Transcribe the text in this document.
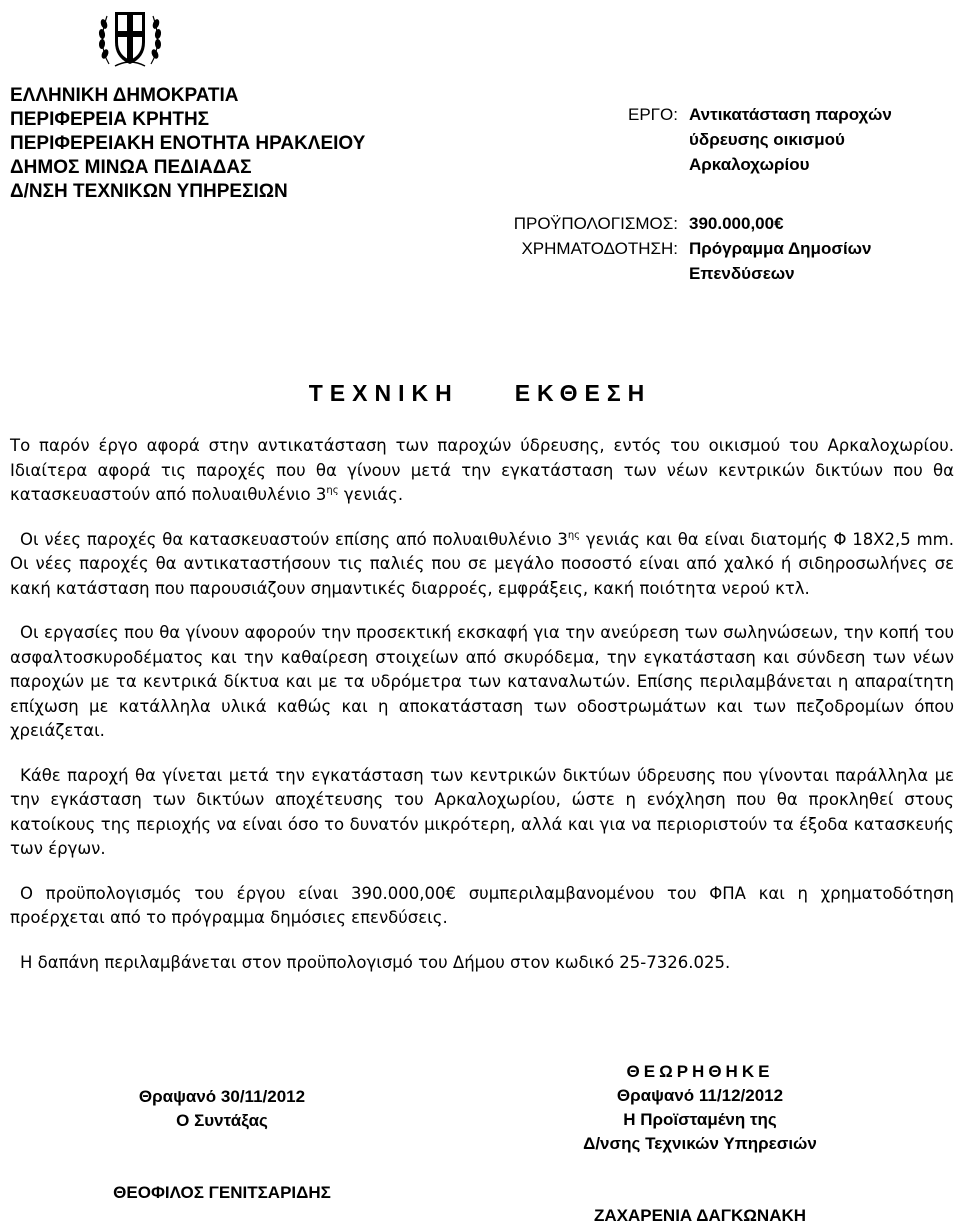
ΕΛΛΗΝΙΚΗ ΔΗΜΟΚΡΑΤΙΑ
ΠΕΡΙΦΕΡΕΙΑ ΚΡΗΤΗΣ
ΠΕΡΙΦΕΡΕΙΑΚΗ ΕΝΟΤΗΤΑ ΗΡΑΚΛΕΙΟΥ
ΔΗΜΟΣ ΜΙΝΩΑ ΠΕΔΙΑΔΑΣ
Δ/ΝΣΗ ΤΕΧΝΙΚΩΝ ΥΠΗΡΕΣΙΩΝ
ΕΡΓΟ: Αντικατάσταση παροχών
ύδρευσης οικισμού
Αρκαλοχωρίου
ΠΡΟΫΠΟΛΟΓΙΣΜΟΣ: 390.000,00€
ΧΡΗΜΑΤΟΔΟΤΗΣΗ: Πρόγραμμα Δημοσίων
Επενδύσεων
ΤΕΧΝΙΚΗ ΕΚΘΕΣΗ

Το παρόν έργο αφορά στην αντικατάσταση των παροχών ύδρευσης, εντός του οικισμού του Αρκαλοχωρίου. Ιδιαίτερα αφορά τις παροχές που θα γίνουν μετά την εγκατάσταση των νέων κεντρικών δικτύων που θα κατασκευαστούν από πολυαιθυλένιο $3^{\eta\varsigma}$ γενιάς.

Οι νέες παροχές θα κατασκευαστούν επίσης από πολυαιθυλένιο $3^{\eta\varsigma}$ γενιάς και θα είναι διατομής Φ 18Χ2,5 mm. Οι νέες παροχές θα αντικαταστήσουν τις παλιές που σε μεγάλο ποσοστό είναι από χαλκό ή σιδηροσωλήνες σε κακή κατάσταση που παρουσιάζουν σημαντικές διαρροές, εμφράξεις, κακή ποιότητα νερού κτλ.

Οι εργασίες που θα γίνουν αφορούν την προσεκτική εκσκαφή για την ανεύρεση των σωληνώσεων, την κοπή του ασφαλτοσκυροδέματος και την καθαίρεση στοιχείων από σκυρόδεμα, την εγκατάσταση και σύνδεση των νέων παροχών με τα κεντρικά δίκτυα και με τα υδρόμετρα των καταναλωτών. Επίσης περιλαμβάνεται η απαραίτητη επίχωση με κατάλληλα υλικά καθώς και η αποκατάσταση των οδοστρωμάτων και των πεζοδρομίων όπου χρειάζεται.

Κάθε παροχή θα γίνεται μετά την εγκατάσταση των κεντρικών δικτύων ύδρευσης που γίνονται παράλληλα με την εγκάσταση των δικτύων αποχέτευσης του Αρκαλοχωρίου, ώστε η ενόχληση που θα προκληθεί στους κατοίκους της περιοχής να είναι όσο το δυνατόν μικρότερη, αλλά και για να περιοριστούν τα έξοδα κατασκευής των έργων.

Ο προϋπολογισμός του έργου είναι 390.000,00€ συμπεριλαμβανομένου του ΦΠΑ και η χρηματοδότηση προέρχεται από το πρόγραμμα δημόσιες επενδύσεις.

Η δαπάνη περιλαμβάνεται στον προϋπολογισμό του Δήμου στον κωδικό 25-7326.025.

Θραψανό 30/11/2012
Ο Συντάξας
ΘΕΟΦΙΛΟΣ ΓΕΝΙΤΣΑΡΙΔΗΣ
ΘΕΩΡΗΘΗΚΕ
Θραψανό 11/12/2012
Η Προϊσταμένη της
Δ/νσης Τεχνικών Υπηρεσιών
ΖΑΧΑΡΕΝΙΑ ΔΑΓΚΩΝΑΚΗ
